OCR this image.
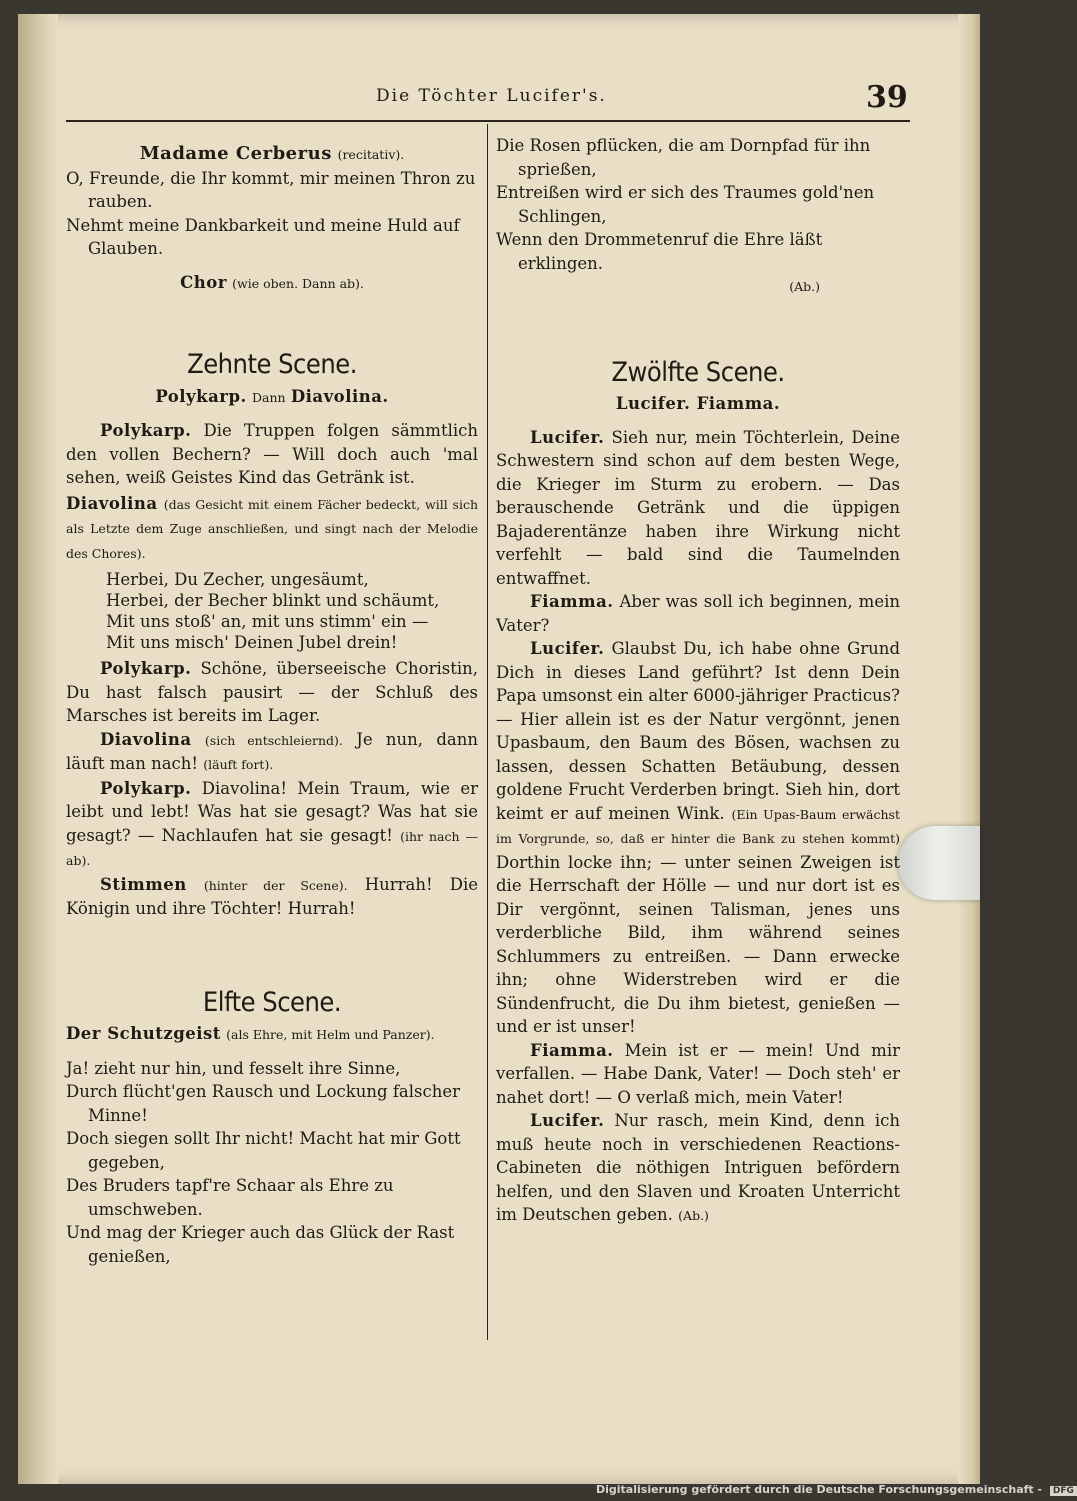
Die Töchter Lucifer's.	39

Madame Cerberus (recitativ).

O, Freunde, die Ihr kommt, mir meinen Thron zu rauben.

Nehmt meine Dankbarkeit und meine Huld auf Glauben.

Chor (wie oben. Dann ab).

Zehnte Scene.

Polykarp. Dann Diavolina.

Polykarp. Die Truppen folgen sämmtlich den vollen Bechern? — Will doch auch 'mal sehen, weiß Geistes Kind das Getränk ist.

Diavolina (das Gesicht mit einem Fächer bedeckt, will sich als Letzte dem Zuge anschließen, und singt nach der Melodie des Chores).

Herbei, Du Zecher, ungesäumt,

Herbei, der Becher blinkt und schäumt,

Mit uns stoß' an, mit uns stimm' ein —

Mit uns misch' Deinen Jubel drein!

Polykarp. Schöne, überseeische Choristin, Du hast falsch pausirt — der Schluß des Marsches ist bereits im Lager.

Diavolina (sich entschleiernd). Je nun, dann läuft man nach! (läuft fort).

Polykarp. Diavolina! Mein Traum, wie er leibt und lebt! Was hat sie gesagt? Was hat sie gesagt? — Nachlaufen hat sie gesagt! (ihr nach — ab).

Stimmen (hinter der Scene). Hurrah! Die Königin und ihre Töchter! Hurrah!

Elfte Scene.

Der Schutzgeist (als Ehre, mit Helm und Panzer).

Ja! zieht nur hin, und fesselt ihre Sinne,

Durch flücht'gen Rausch und Lockung falscher Minne!

Doch siegen sollt Ihr nicht! Macht hat mir Gott gegeben,

Des Bruders tapf're Schaar als Ehre zu umschweben.

Und mag der Krieger auch das Glück der Rast genießen,

Die Rosen pflücken, die am Dornpfad für ihn sprießen,

Entreißen wird er sich des Traumes gold'nen Schlingen,

Wenn den Drommetenruf die Ehre läßt erklingen.

(Ab.)

Zwölfte Scene.

Lucifer. Fiamma.

Lucifer. Sieh nur, mein Töchterlein, Deine Schwestern sind schon auf dem besten Wege, die Krieger im Sturm zu erobern. — Das berauschende Getränk und die üppigen Bajaderentänze haben ihre Wirkung nicht verfehlt — bald sind die Taumelnden entwaffnet.

Fiamma. Aber was soll ich beginnen, mein Vater?

Lucifer. Glaubst Du, ich habe ohne Grund Dich in dieses Land geführt? Ist denn Dein Papa umsonst ein alter 6000-jähriger Practicus? — Hier allein ist es der Natur vergönnt, jenen Upasbaum, den Baum des Bösen, wachsen zu lassen, dessen Schatten Betäubung, dessen goldene Frucht Verderben bringt. Sieh hin, dort keimt er auf meinen Wink. (Ein Upas-Baum erwächst im Vorgrunde, so, daß er hinter die Bank zu stehen kommt) Dorthin locke ihn; — unter seinen Zweigen ist die Herrschaft der Hölle — und nur dort ist es Dir vergönnt, seinen Talisman, jenes uns verderbliche Bild, ihm während seines Schlummers zu entreißen. — Dann erwecke ihn; ohne Widerstreben wird er die Sündenfrucht, die Du ihm bietest, genießen — und er ist unser!

Fiamma. Mein ist er — mein! Und mir verfallen. — Habe Dank, Vater! — Doch steh' er nahet dort! — O verlaß mich, mein Vater!

Lucifer. Nur rasch, mein Kind, denn ich muß heute noch in verschiedenen Reactions-Cabineten die nöthigen Intriguen befördern helfen, und den Slaven und Kroaten Unterricht im Deutschen geben. (Ab.)

Digitalisierung gefördert durch die Deutsche Forschungsgemeinschaft - DFG
